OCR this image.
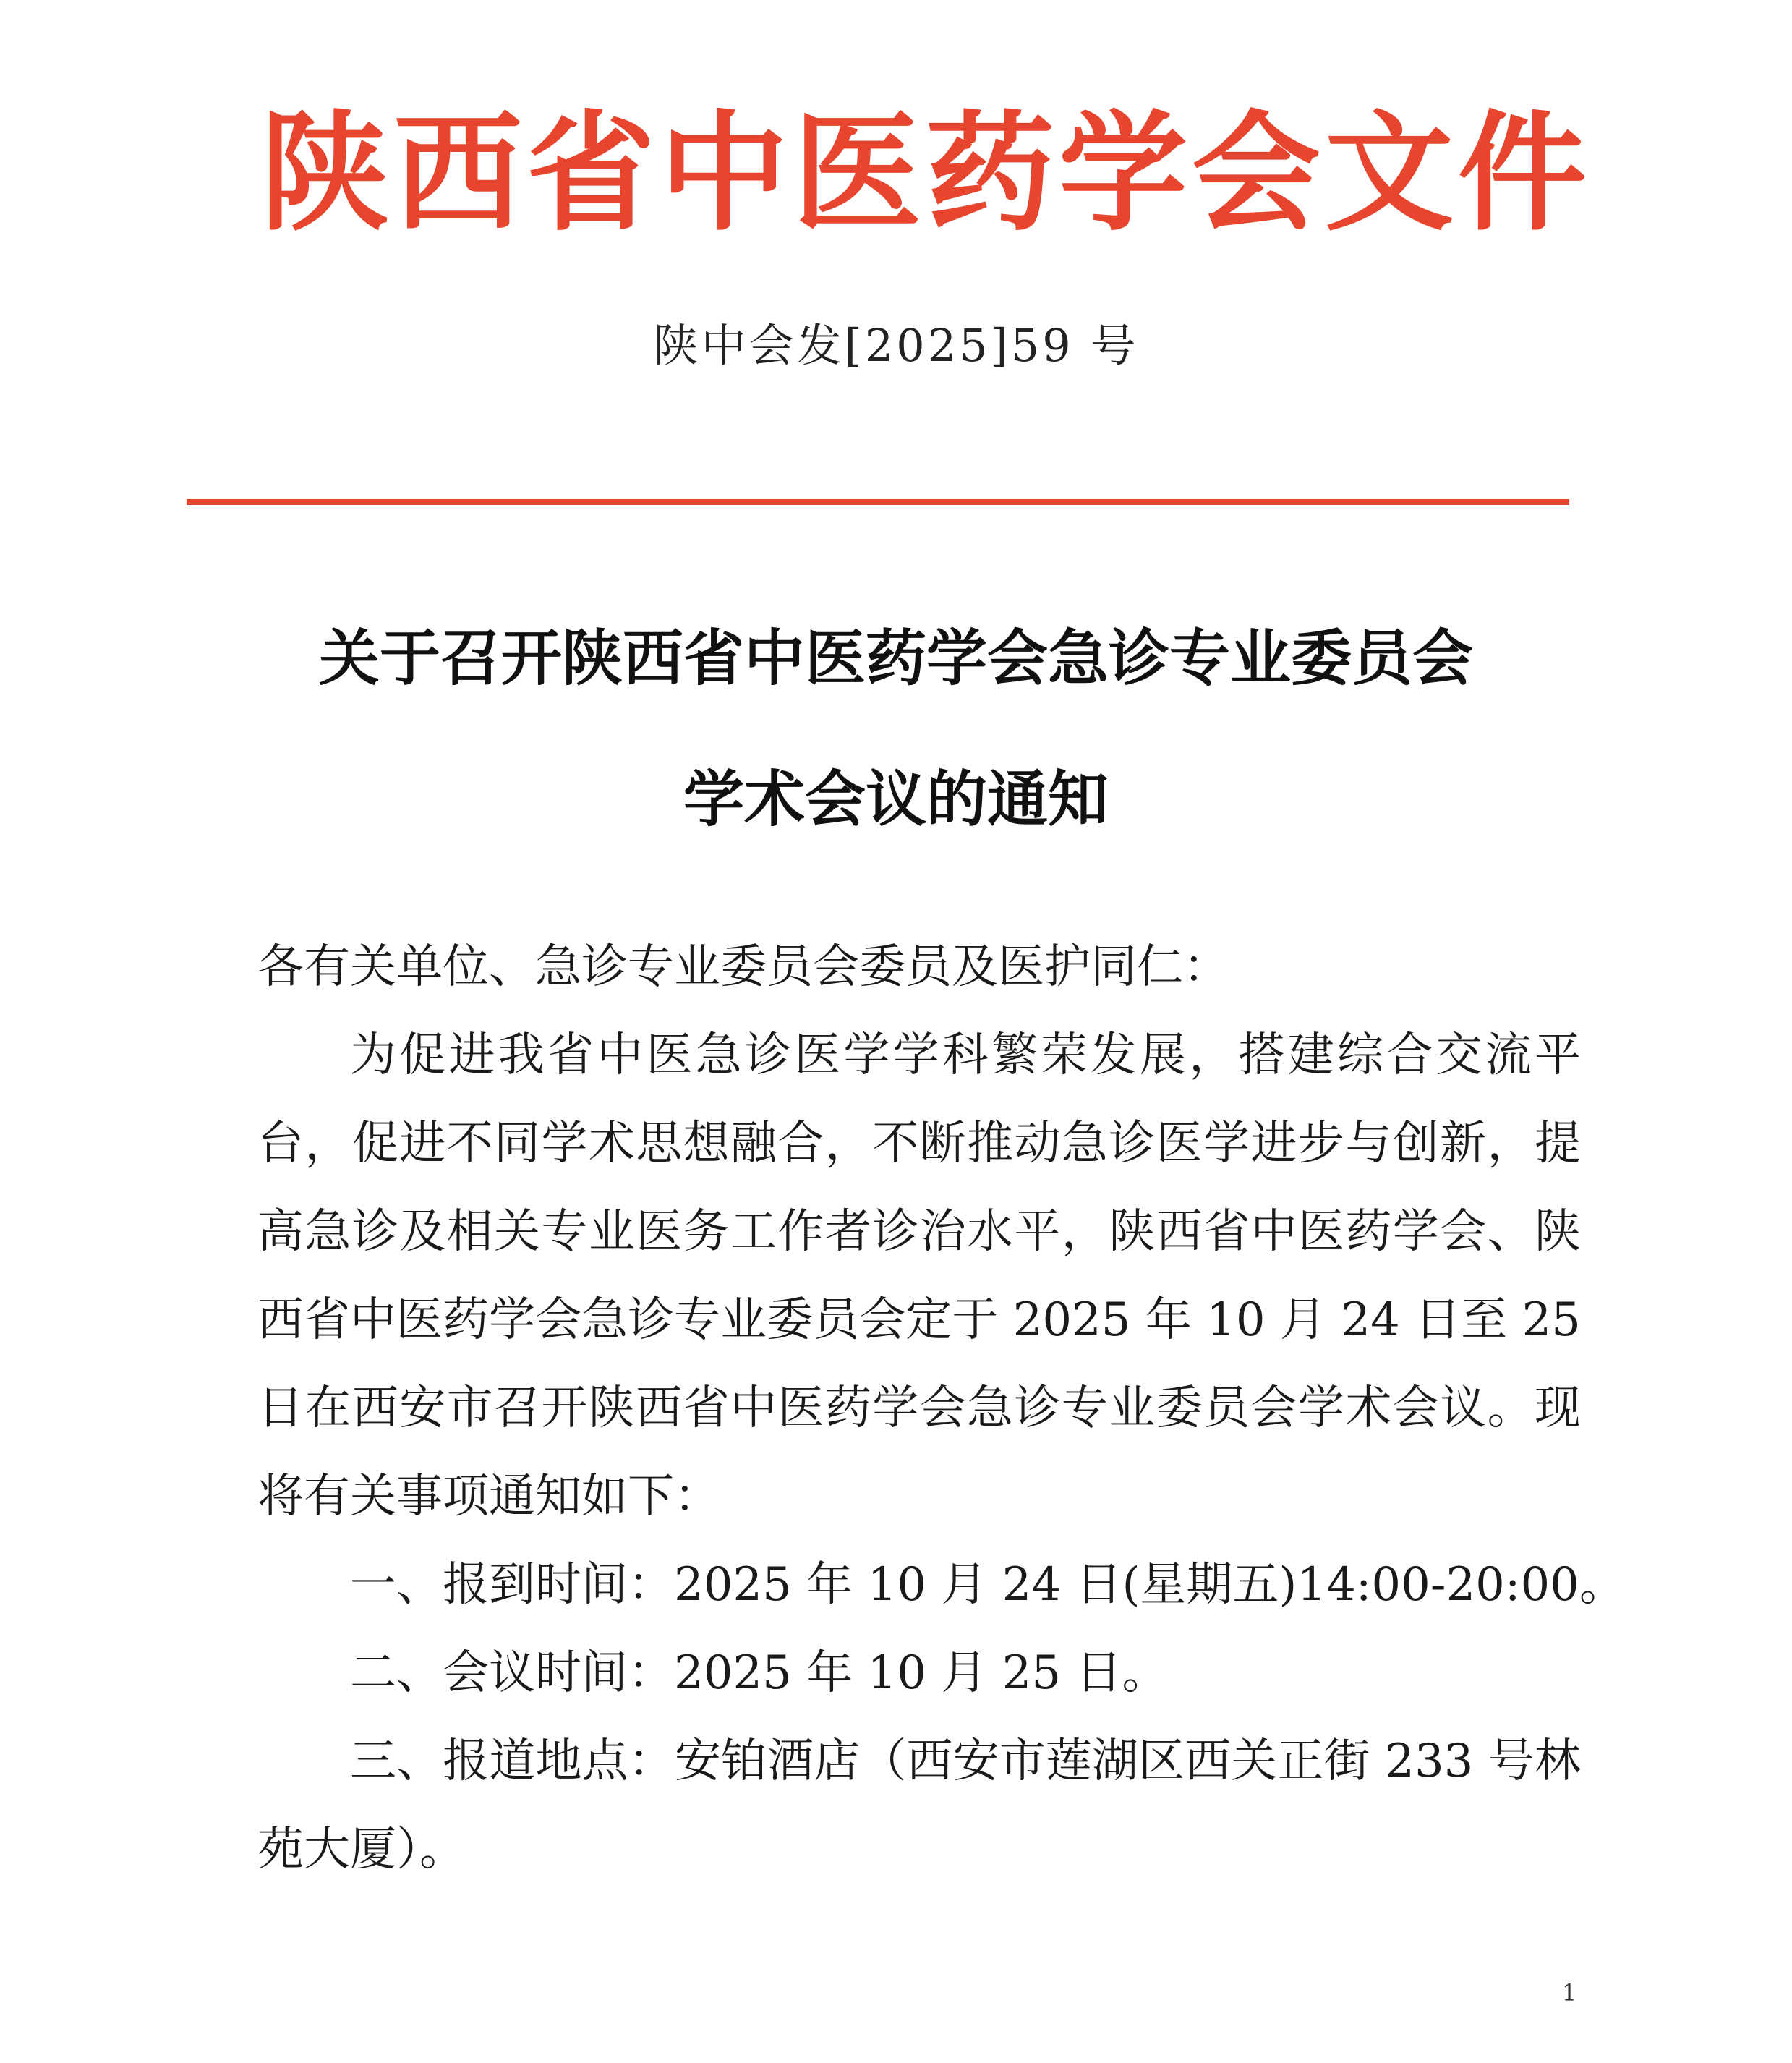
陕西省中医药学会文件
陕中会发[2025]59 号
关于召开陕西省中医药学会急诊专业委员会
学术会议的通知
各有关单位、急诊专业委员会委员及医护同仁：
为促进我省中医急诊医学学科繁荣发展，搭建综合交流平台，促进不同学术思想融合，不断推动急诊医学进步与创新，提高急诊及相关专业医务工作者诊治水平，陕西省中医药学会、陕西省中医药学会急诊专业委员会定于 2025 年 10 月 24 日至 25 日在西安市召开陕西省中医药学会急诊专业委员会学术会议。现将有关事项通知如下：
一、报到时间：2025 年 10 月 24 日(星期五)14:00-20:00。
二、会议时间：2025 年 10 月 25 日。
三、报道地点：安铂酒店（西安市莲湖区西关正街 233 号林苑大厦）。
1
